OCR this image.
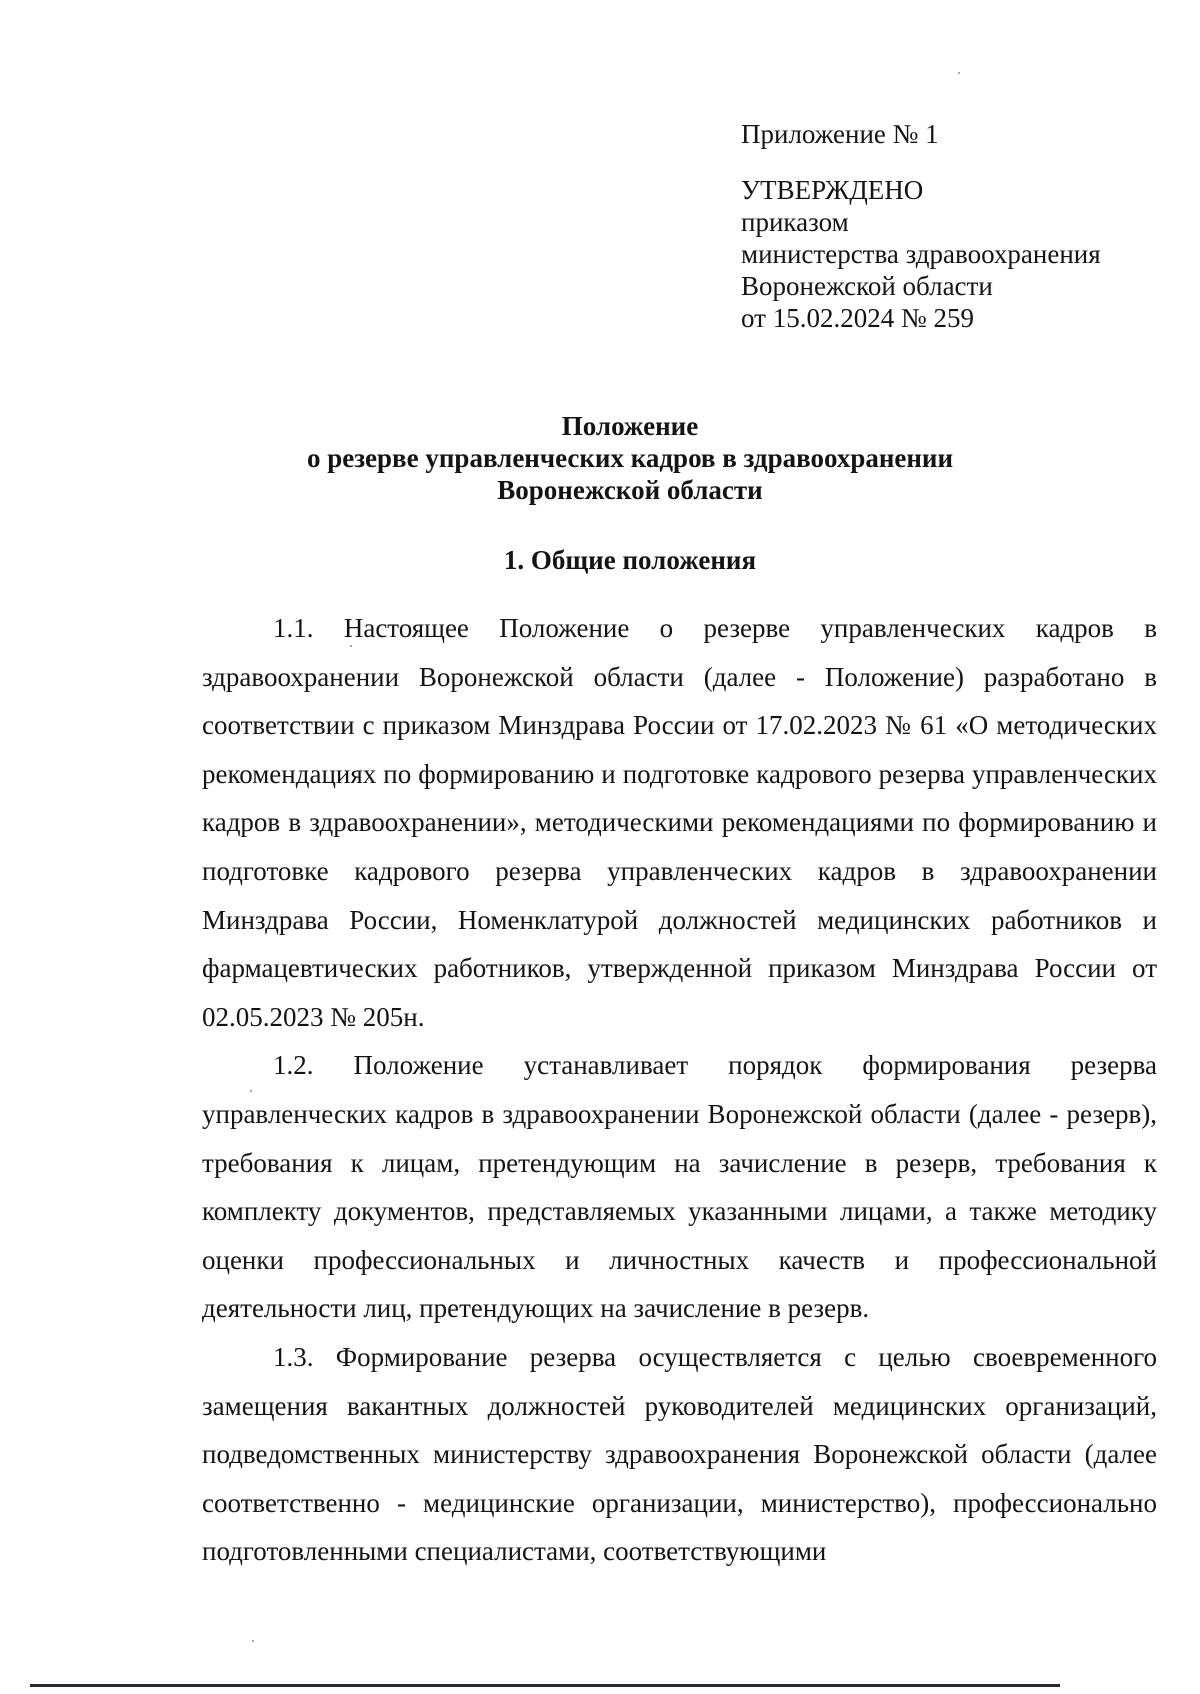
Приложение № 1
УТВЕРЖДЕНО
приказом
министерства здравоохранения
Воронежской области
от 15.02.2024 № 259
Положение
о резерве управленческих кадров в здравоохранении
Воронежской области
1. Общие положения

1.1. Настоящее Положение о резерве управленческих кадров в здравоохранении Воронежской области (далее - Положение) разработано в соответствии с приказом Минздрава России от 17.02.2023 № 61 «О методических рекомендациях по формированию и подготовке кадрового резерва управленческих кадров в здравоохранении», методическими рекомендациями по формированию и подготовке кадрового резерва управленческих кадров в здравоохранении Минздрава России, Номенклатурой должностей медицинских работников и фармацевтических работников, утвержденной приказом Минздрава России от 02.05.2023 № 205н.

1.2. Положение устанавливает порядок формирования резерва управленческих кадров в здравоохранении Воронежской области (далее - резерв), требования к лицам, претендующим на зачисление в резерв, требования к комплекту документов, представляемых указанными лицами, а также методику оценки профессиональных и личностных качеств и профессиональной деятельности лиц, претендующих на зачисление в резерв.

1.3. Формирование резерва осуществляется с целью своевременного замещения вакантных должностей руководителей медицинских организаций, подведомственных министерству здравоохранения Воронежской области (далее соответственно - медицинские организации, министерство), профессионально подготовленными специалистами, соответствующими
